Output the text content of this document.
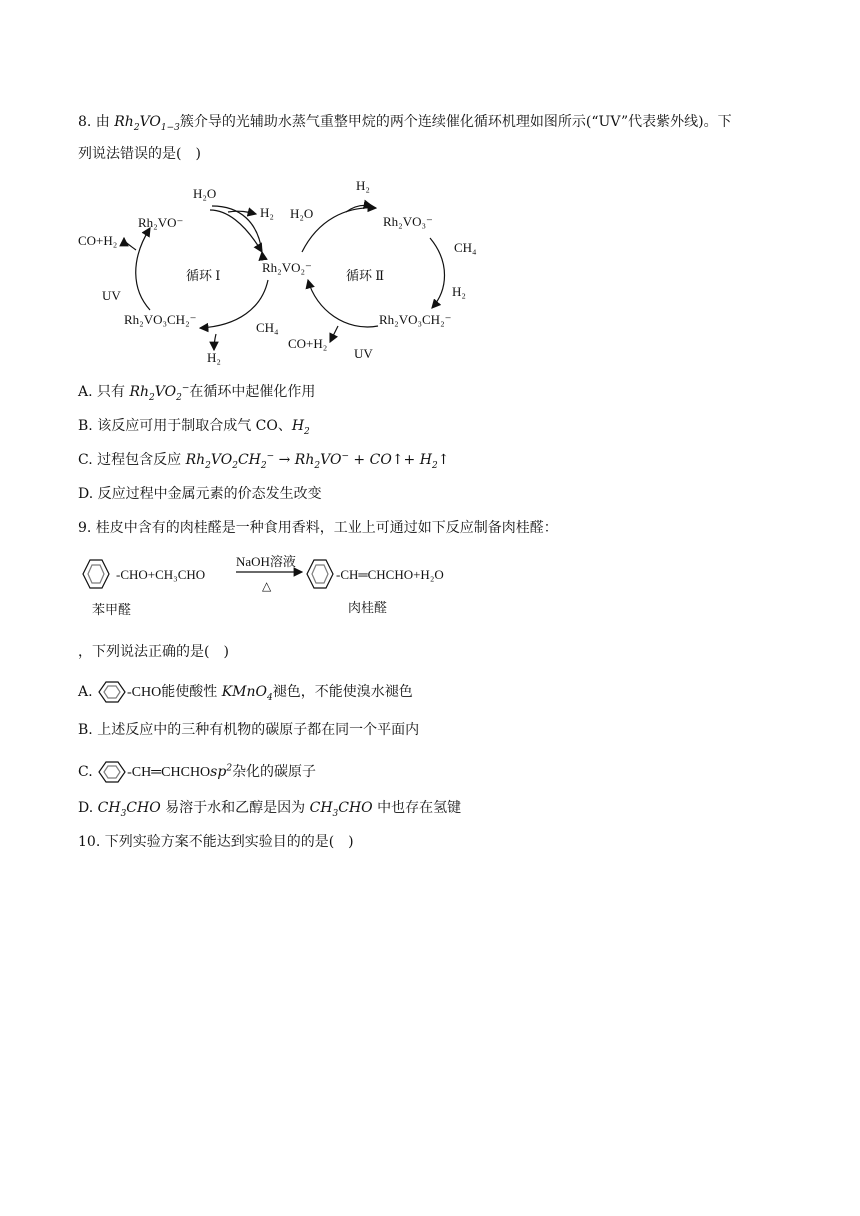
8. 由 $Rh_2VO_{1-3}$簇介导的光辅助水蒸气重整甲烷的两个连续催化循环机理如图所示(“UV”代表紫外线)。下
列说法错误的是(　)
H₂O
H₂
Rh₂VO⁻
CO+H₂
循环 Ⅰ
Rh₂VO₂⁻
循环 Ⅱ
UV
Rh₂VO₃CH₂⁻
CH₄
H₂
CO+H₂
UV
H₂
H₂O
Rh₂VO₃⁻
CH₄
H₂
Rh₂VO₃CH₂⁻
A. 只有 $Rh_2VO_2^-$在循环中起催化作用
B. 该反应可用于制取合成气 CO、$H_2$
C. 过程包含反应 $Rh_2VO_2CH_2^- \to Rh_2VO^-$ + CO↑+ $H_2↑$
D. 反应过程中金属元素的价态发生改变
9. 桂皮中含有的肉桂醛是一种食用香料，工业上可通过如下反应制备肉桂醛：
-CHO+CH₃CHO
NaOH溶液
△
-CH═CHCHO+H₂O
苯甲醛	肉桂醛
，下列说法正确的是(　)
A. -CHO能使酸性 KMnO$_4$褪色，不能使溴水褪色
B. 上述反应中的三种有机物的碳原子都在同一个平面内
C. -CH═CHCHOsp$^2$杂化的碳原子
D. $CH_3CHO$ 易溶于水和乙醇是因为 $CH_3CHO$ 中也存在氢键
10. 下列实验方案不能达到实验目的的是(　)
